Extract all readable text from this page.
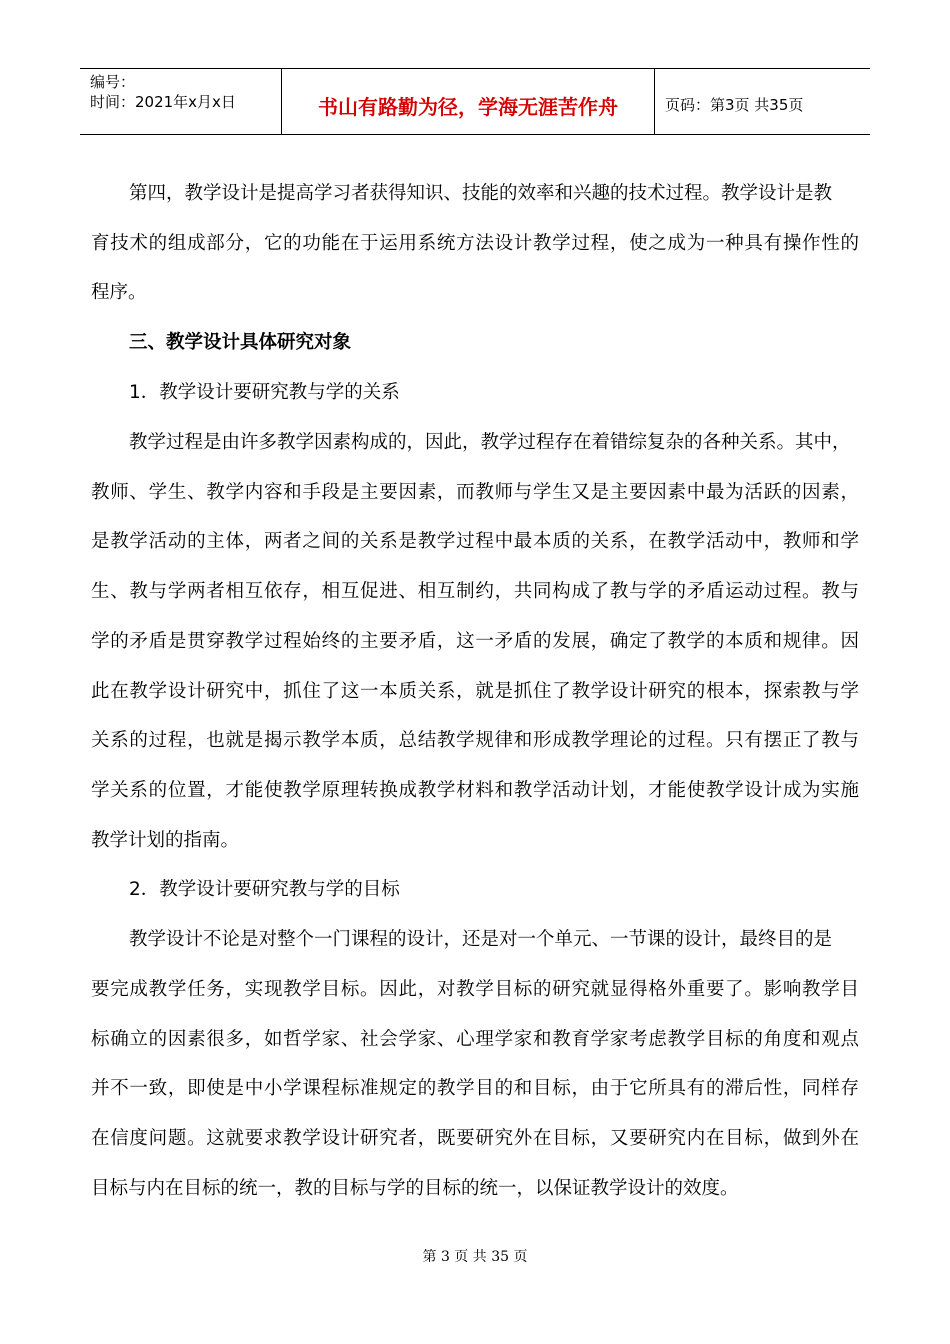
编号：
时间：2021年x月x日	书山有路勤为径，学海无涯苦作舟	页码：第3页 共35页
第四，教学设计是提高学习者获得知识、技能的效率和兴趣的技术过程。教学设计是教
育技术的组成部分，它的功能在于运用系统方法设计教学过程，使之成为一种具有操作性的
程序。
三、教学设计具体研究对象
1．教学设计要研究教与学的关系
教学过程是由许多教学因素构成的，因此，教学过程存在着错综复杂的各种关系。其中，
教师、学生、教学内容和手段是主要因素，而教师与学生又是主要因素中最为活跃的因素，
是教学活动的主体，两者之间的关系是教学过程中最本质的关系，在教学活动中，教师和学
生、教与学两者相互依存，相互促进、相互制约，共同构成了教与学的矛盾运动过程。教与
学的矛盾是贯穿教学过程始终的主要矛盾，这一矛盾的发展，确定了教学的本质和规律。因
此在教学设计研究中，抓住了这一本质关系，就是抓住了教学设计研究的根本，探索教与学
关系的过程，也就是揭示教学本质，总结教学规律和形成教学理论的过程。只有摆正了教与
学关系的位置，才能使教学原理转换成教学材料和教学活动计划，才能使教学设计成为实施
教学计划的指南。
2．教学设计要研究教与学的目标
教学设计不论是对整个一门课程的设计，还是对一个单元、一节课的设计，最终目的是
要完成教学任务，实现教学目标。因此，对教学目标的研究就显得格外重要了。影响教学目
标确立的因素很多，如哲学家、社会学家、心理学家和教育学家考虑教学目标的角度和观点
并不一致，即使是中小学课程标准规定的教学目的和目标，由于它所具有的滞后性，同样存
在信度问题。这就要求教学设计研究者，既要研究外在目标，又要研究内在目标，做到外在
目标与内在目标的统一，教的目标与学的目标的统一，以保证教学设计的效度。
第 3 页 共 35 页
